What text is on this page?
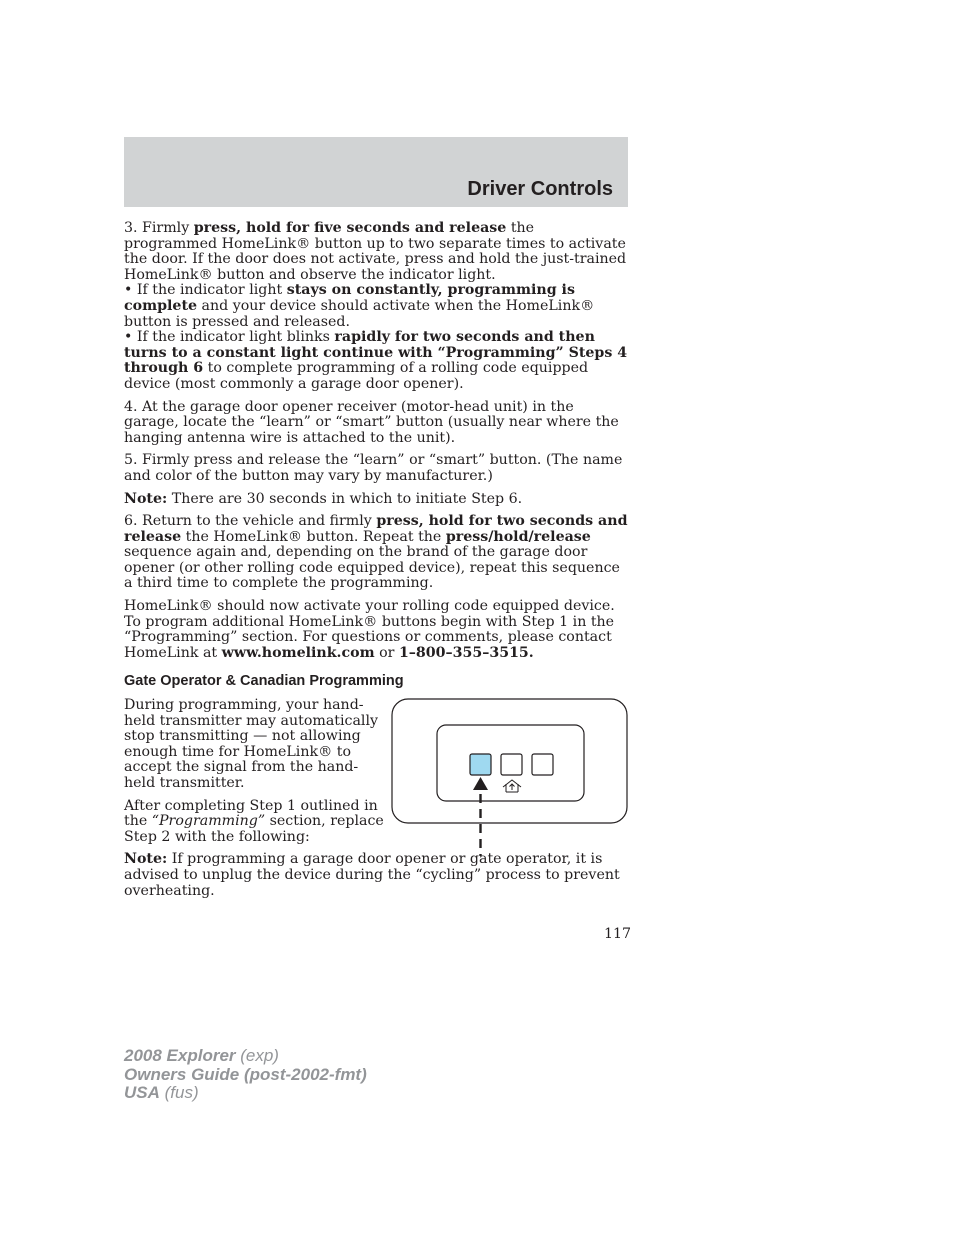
Driver Controls

3. Firmly press, hold for five seconds and release the programmed HomeLink® button up to two separate times to activate the door. If the door does not activate, press and hold the just-trained HomeLink® button and observe the indicator light.

• If the indicator light stays on constantly, programming is complete and your device should activate when the HomeLink® button is pressed and released.

• If the indicator light blinks rapidly for two seconds and then turns to a constant light continue with “Programming” Steps 4 through 6 to complete programming of a rolling code equipped device (most commonly a garage door opener).

4. At the garage door opener receiver (motor-head unit) in the garage, locate the “learn” or “smart” button (usually near where the hanging antenna wire is attached to the unit).

5. Firmly press and release the “learn” or “smart” button. (The name and color of the button may vary by manufacturer.)

Note: There are 30 seconds in which to initiate Step 6.

6. Return to the vehicle and firmly press, hold for two seconds and release the HomeLink® button. Repeat the press/hold/release sequence again and, depending on the brand of the garage door opener (or other rolling code equipped device), repeat this sequence a third time to complete the programming.

HomeLink® should now activate your rolling code equipped device. To program additional HomeLink® buttons begin with Step 1 in the “Programming” section. For questions or comments, please contact HomeLink at www.homelink.com or 1–800–355–3515.

Gate Operator & Canadian Programming

During programming, your hand-held transmitter may automatically stop transmitting — not allowing enough time for HomeLink® to accept the signal from the hand-held transmitter.

After completing Step 1 outlined in the “Programming” section, replace Step 2 with the following:

Note: If programming a garage door opener or gate operator, it is advised to unplug the device during the “cycling” process to prevent overheating.

117
2008 Explorer (exp)
Owners Guide (post-2002-fmt)
USA (fus)
